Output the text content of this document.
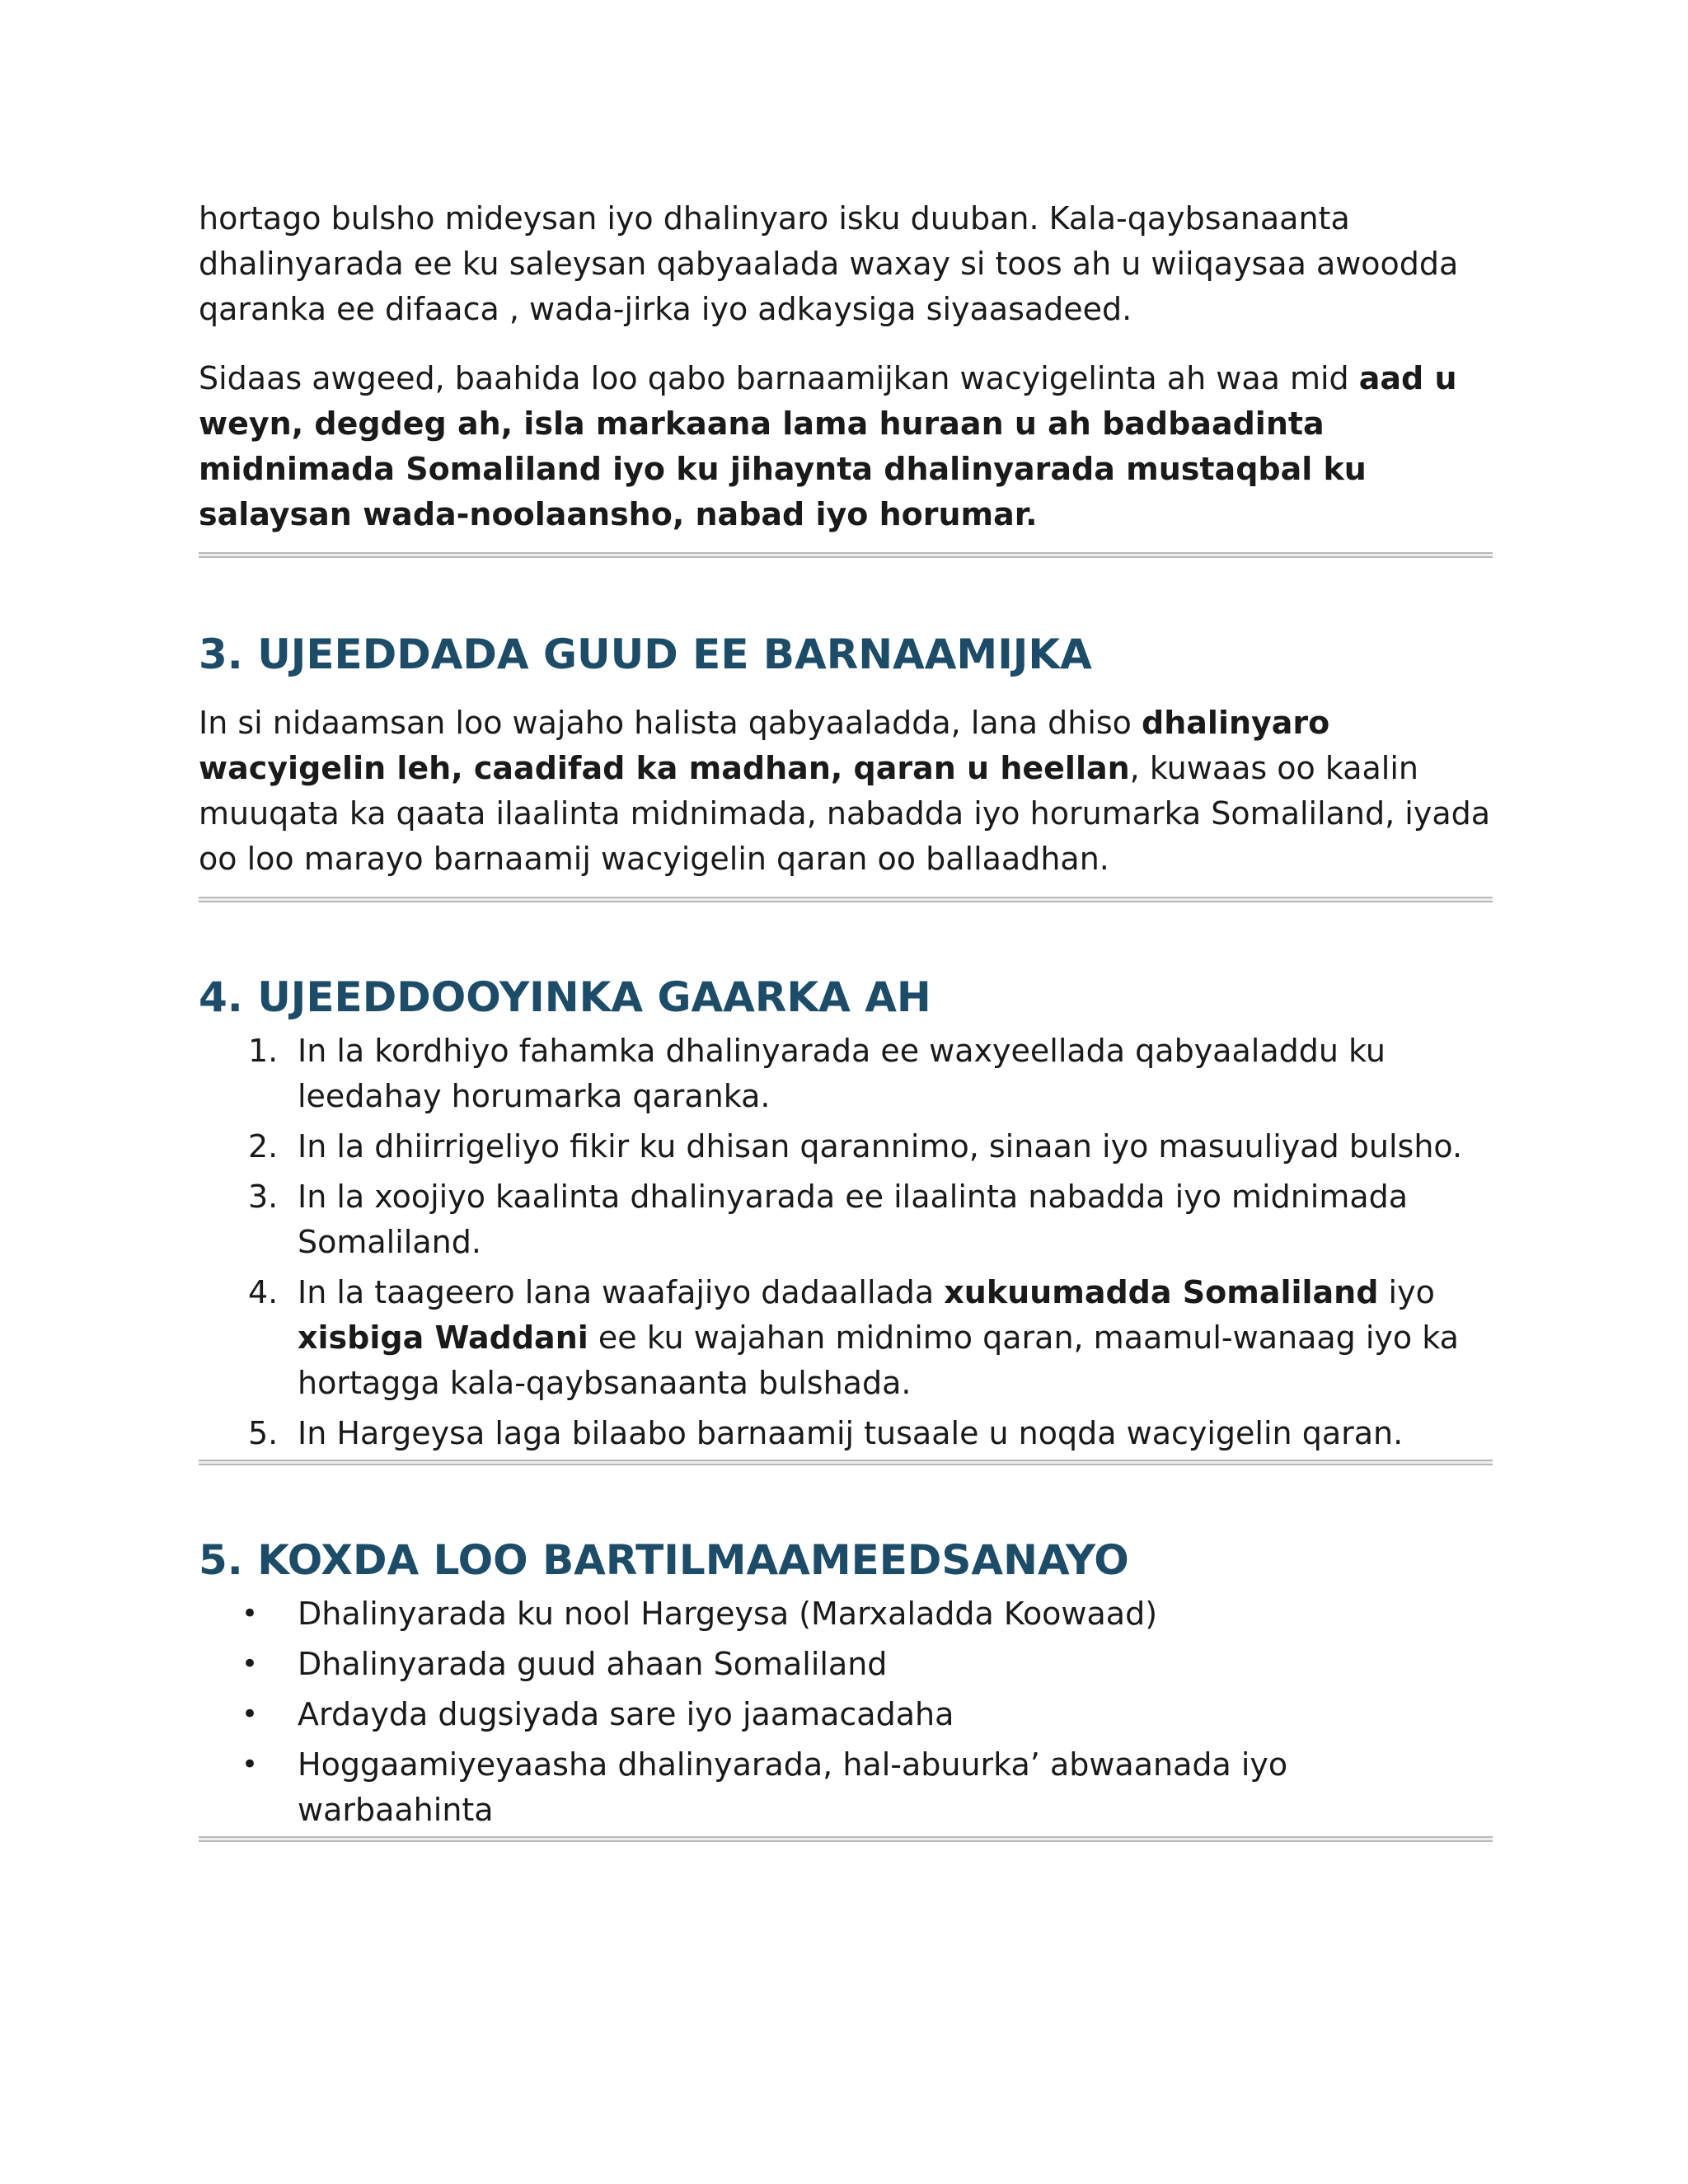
hortago bulsho mideysan iyo dhalinyaro isku duuban. Kala-qaybsanaanta dhalinyarada ee ku saleysan qabyaalada waxay si toos ah u wiiqaysaa awoodda qaranka ee difaaca , wada-jirka iyo adkaysiga siyaasadeed.

Sidaas awgeed, baahida loo qabo barnaamijkan wacyigelinta ah waa mid aad u weyn, degdeg ah, isla markaana lama huraan u ah badbaadinta midnimada Somaliland iyo ku jihaynta dhalinyarada mustaqbal ku salaysan wada-noolaansho, nabad iyo horumar.

3. UJEEDDADA GUUD EE BARNAAMIJKA

In si nidaamsan loo wajaho halista qabyaaladda, lana dhiso dhalinyaro wacyigelin leh, caadifad ka madhan, qaran u heellan, kuwaas oo kaalin muuqata ka qaata ilaalinta midnimada, nabadda iyo horumarka Somaliland, iyada oo loo marayo barnaamij wacyigelin qaran oo ballaadhan.

4. UJEEDDOOYINKA GAARKA AH
1. In la kordhiyo fahamka dhalinyarada ee waxyeellada qabyaaladdu ku leedahay horumarka qaranka.
2. In la dhiirrigeliyo fikir ku dhisan qarannimo, sinaan iyo masuuliyad bulsho.
3. In la xoojiyo kaalinta dhalinyarada ee ilaalinta nabadda iyo midnimada Somaliland.
4. In la taageero lana waafajiyo dadaallada xukuumadda Somaliland iyo xisbiga Waddani ee ku wajahan midnimo qaran, maamul-wanaag iyo ka hortagga kala-qaybsanaanta bulshada.
5. In Hargeysa laga bilaabo barnaamij tusaale u noqda wacyigelin qaran.
5. KOXDA LOO BARTILMAAMEEDSANAYO
• Dhalinyarada ku nool Hargeysa (Marxaladda Koowaad)
• Dhalinyarada guud ahaan Somaliland
• Ardayda dugsiyada sare iyo jaamacadaha
• Hoggaamiyeyaasha dhalinyarada, hal-abuurka’ abwaanada iyo warbaahinta
